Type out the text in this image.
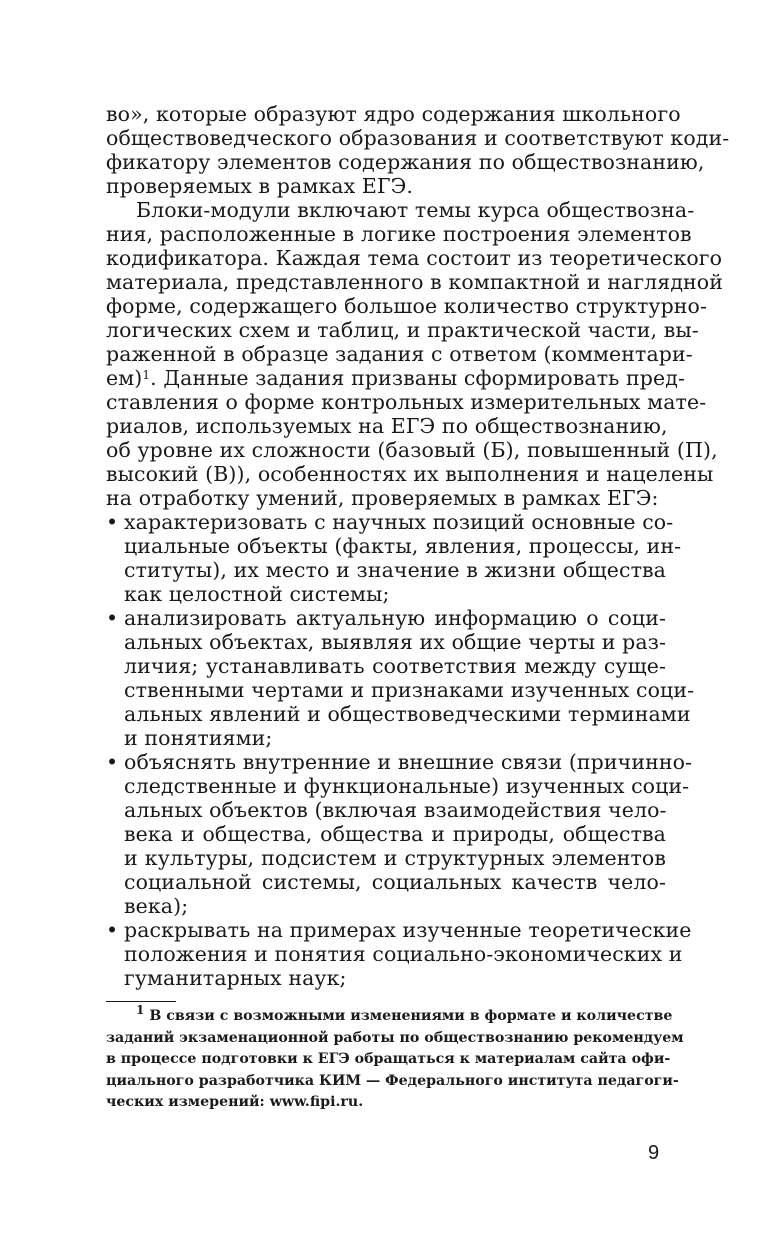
во», которые образуют ядро содержания школьного
обществоведческого образования и соответствуют коди-
фикатору элементов содержания по обществознанию,
проверяемых в рамках ЕГЭ.
Блоки-модули включают темы курса обществозна-
ния, расположенные в логике построения элементов
кодификатора. Каждая тема состоит из теоретического
материала, представленного в компактной и наглядной
форме, содержащего большое количество структурно-
логических схем и таблиц, и практической части, вы-
раженной в образце задания с ответом (комментари-
ем)$^1$. Данные задания призваны сформировать пред-
ставления о форме контрольных измерительных мате-
риалов, используемых на ЕГЭ по обществознанию,
об уровне их сложности (базовый (Б), повышенный (П),
высокий (В)), особенностях их выполнения и нацелены
на отработку умений, проверяемых в рамках ЕГЭ:
• характеризовать с научных позиций основные со-
циальные объекты (факты, явления, процессы, ин-
ституты), их место и значение в жизни общества
как целостной системы;
• анализировать актуальную информацию о соци-
альных объектах, выявляя их общие черты и раз-
личия; устанавливать соответствия между суще-
ственными чертами и признаками изученных соци-
альных явлений и обществоведческими терминами
и понятиями;
• объяснять внутренние и внешние связи (причинно-
следственные и функциональные) изученных соци-
альных объектов (включая взаимодействия чело-
века и общества, общества и природы, общества
и культуры, подсистем и структурных элементов
социальной системы, социальных качеств чело-
века);
• раскрывать на примерах изученные теоретические
положения и понятия социально-экономических и
гуманитарных наук;
$^1$ В связи с возможными изменениями в формате и количестве
заданий экзаменационной работы по обществознанию рекомендуем
в процессе подготовки к ЕГЭ обращаться к материалам сайта офи-
циального разработчика КИМ — Федерального института педагоги-
ческих измерений: www.fipi.ru.
9
